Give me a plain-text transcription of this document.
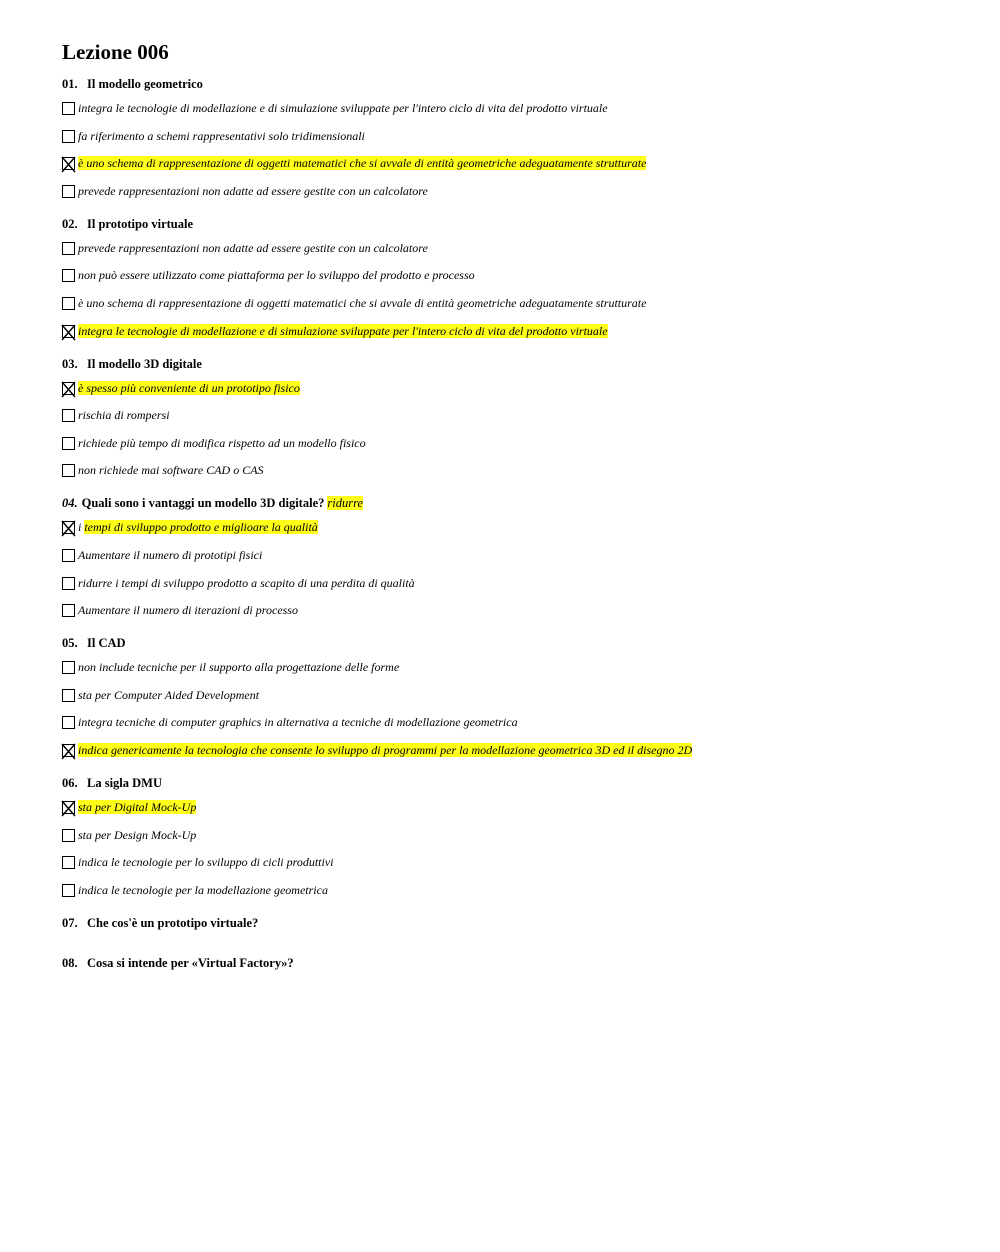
Lezione 006
01. Il modello geometrico
integra le tecnologie di modellazione e di simulazione sviluppate per l'intero ciclo di vita del prodotto virtuale
fa riferimento a schemi rappresentativi solo tridimensionali
è uno schema di rappresentazione di oggetti matematici che si avvale di entità geometriche adeguatamente strutturate
prevede rappresentazioni non adatte ad essere gestite con un calcolatore
02. Il prototipo virtuale
prevede rappresentazioni non adatte ad essere gestite con un calcolatore
non può essere utilizzato come piattaforma per lo sviluppo del prodotto e processo
è uno schema di rappresentazione di oggetti matematici che si avvale di entità geometriche adeguatamente strutturate
integra le tecnologie di modellazione e di simulazione sviluppate per l'intero ciclo di vita del prodotto virtuale
03. Il modello 3D digitale
è spesso più conveniente di un prototipo fisico
rischia di rompersi
richiede più tempo di modifica rispetto ad un modello fisico
non richiede mai software CAD o CAS
04. Quali sono i vantaggi un modello 3D digitale? ridurre
i tempi di sviluppo prodotto e miglioare la qualità
Aumentare il numero di prototipi fisici
ridurre i tempi di sviluppo prodotto a scapito di una perdita di qualità
Aumentare il numero di iterazioni di processo
05. Il CAD
non include tecniche per il supporto alla progettazione delle forme
sta per Computer Aided Development
integra tecniche di computer graphics in alternativa a tecniche di modellazione geometrica
indica genericamente la tecnologia che consente lo sviluppo di programmi per la modellazione geometrica 3D ed il disegno 2D
06. La sigla DMU
sta per Digital Mock-Up
sta per Design Mock-Up
indica le tecnologie per lo sviluppo di cicli produttivi
indica le tecnologie per la modellazione geometrica
07. Che cos'è un prototipo virtuale?
08. Cosa si intende per «Virtual Factory»?
